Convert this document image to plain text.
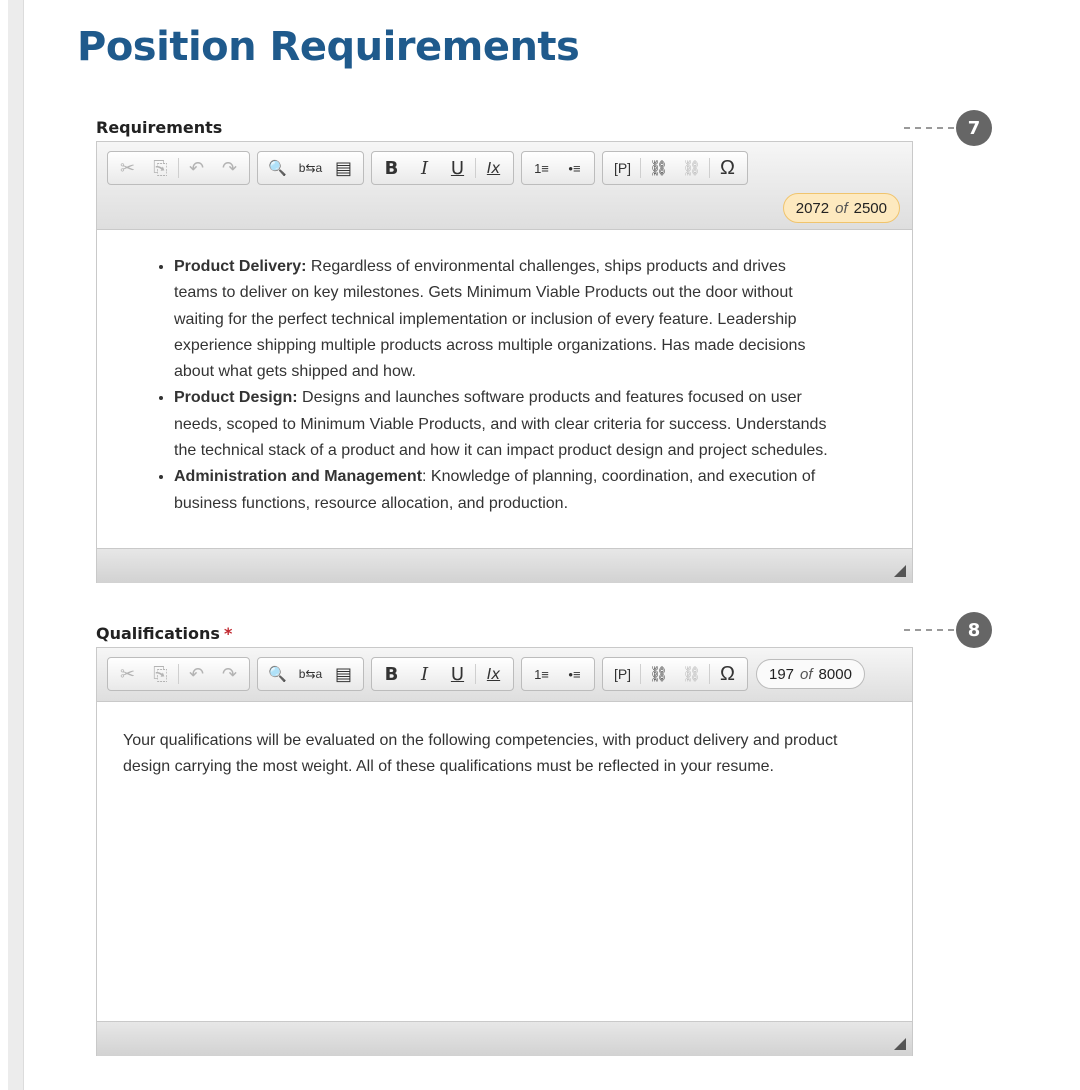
Position Requirements
Requirements	7
✂	⎘	↶ ↷	🔍 b⇆a ▤	B	I	U	Ix	1≡	•≡	[P]	⛓ ⛓ Ω
2072 of 2500
• Product Delivery: Regardless of environmental challenges, ships products and drives teams to deliver on key milestones. Gets Minimum Viable Products out the door without waiting for the perfect technical implementation or inclusion of every feature. Leadership experience shipping multiple products across multiple organizations. Has made decisions about what gets shipped and how.
• Product Design: Designs and launches software products and features focused on user needs, scoped to Minimum Viable Products, and with clear criteria for success. Understands the technical stack of a product and how it can impact product design and project schedules.
• Administration and Management: Knowledge of planning, coordination, and execution of business functions, resource allocation, and production.
Qualifications *	8
✂	⎘	↶ ↷	🔍 b⇆a ▤	B	I	U	Ix	1≡	•≡	[P]	⛓ ⛓ Ω	197 of 8000

Your qualifications will be evaluated on the following competencies, with product delivery and product design carrying the most weight. All of these qualifications must be reflected in your resume.
